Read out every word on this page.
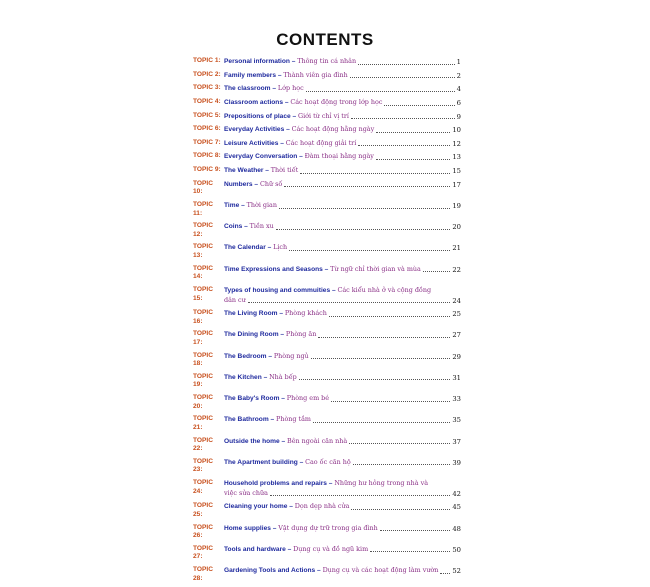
CONTENTS
TOPIC 1: Personal information – Thông tin cá nhân	1
TOPIC 2: Family members – Thành viên gia đình	2
TOPIC 3: The classroom – Lớp học	4
TOPIC 4: Classroom actions – Các hoạt động trong lớp học	6
TOPIC 5: Prepositions of place – Giới từ chỉ vị trí	9
TOPIC 6: Everyday Activities – Các hoạt động hằng ngày	10
TOPIC 7: Leisure Activities – Các hoạt động giải trí	12
TOPIC 8: Everyday Conversation – Đàm thoại hằng ngày	13
TOPIC 9: The Weather – Thời tiết	15
TOPIC 10:
Numbers – Chữ số	17
TOPIC 11:
Time – Thời gian	19
TOPIC 12:
Coins – Tiền xu	20
TOPIC 13:
The Calendar – Lịch	21
TOPIC 14:
Time Expressions and Seasons – Từ ngữ chỉ thời gian và mùa	22
TOPIC 15:
Types of housing and commuities – Các kiểu nhà ở và cộng đồng
dân cư	24
TOPIC 16:
The Living Room – Phòng khách	25
TOPIC 17:
The Dining Room – Phòng ăn	27
TOPIC 18:
The Bedroom – Phòng ngủ	29
TOPIC 19:
The Kitchen – Nhà bếp	31
TOPIC 20:
The Baby's Room – Phòng em bé	33
TOPIC 21:
The Bathroom – Phòng tắm	35
TOPIC 22:
Outside the home – Bên ngoài căn nhà	37
TOPIC 23:
The Apartment building – Cao ốc căn hộ	39
TOPIC 24:
Household problems and repairs – Những hư hỏng trong nhà và
việc sửa chữa	42
TOPIC 25:
Cleaning your home – Dọn dẹp nhà cửa	45
TOPIC 26:
Home supplies – Vật dụng dự trữ trong gia đình	48
TOPIC 27:
Tools and hardware – Dụng cụ và đồ ngũ kim	50
TOPIC 28:
Gardening Tools and Actions – Dụng cụ và các hoạt động làm vườn 52
